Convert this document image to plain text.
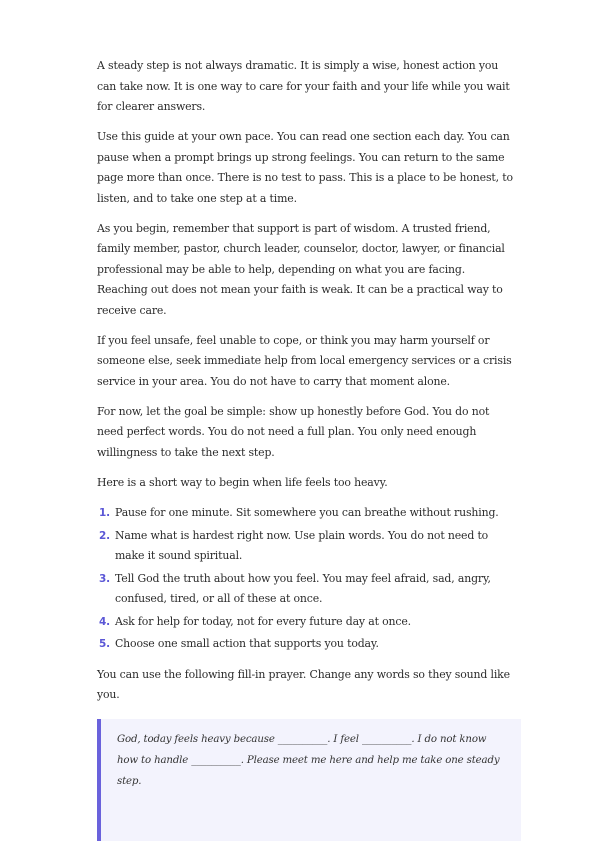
A steady step is not always dramatic. It is simply a wise, honest action you can take now. It is one way to care for your faith and your life while you wait for clearer answers.

Use this guide at your own pace. You can read one section each day. You can pause when a prompt brings up strong feelings. You can return to the same page more than once. There is no test to pass. This is a place to be honest, to listen, and to take one step at a time.

As you begin, remember that support is part of wisdom. A trusted friend, family member, pastor, church leader, counselor, doctor, lawyer, or financial professional may be able to help, depending on what you are facing. Reaching out does not mean your faith is weak. It can be a practical way to receive care.

If you feel unsafe, feel unable to cope, or think you may harm yourself or someone else, seek immediate help from local emergency services or a crisis service in your area. You do not have to carry that moment alone.

For now, let the goal be simple: show up honestly before God. You do not need perfect words. You do not need a full plan. You only need enough willingness to take the next step.

Here is a short way to begin when life feels too heavy.

1. Pause for one minute. Sit somewhere you can breathe without rushing.
2. Name what is hardest right now. Use plain words. You do not need to make it sound spiritual.
3. Tell God the truth about how you feel. You may feel afraid, sad, angry, confused, tired, or all of these at once.
4. Ask for help for today, not for every future day at once.
5. Choose one small action that supports you today.

You can use the following fill-in prayer. Change any words so they sound like you.

God, today feels heavy because __________. I feel __________. I do not know how to handle __________. Please meet me here and help me take one steady step.
